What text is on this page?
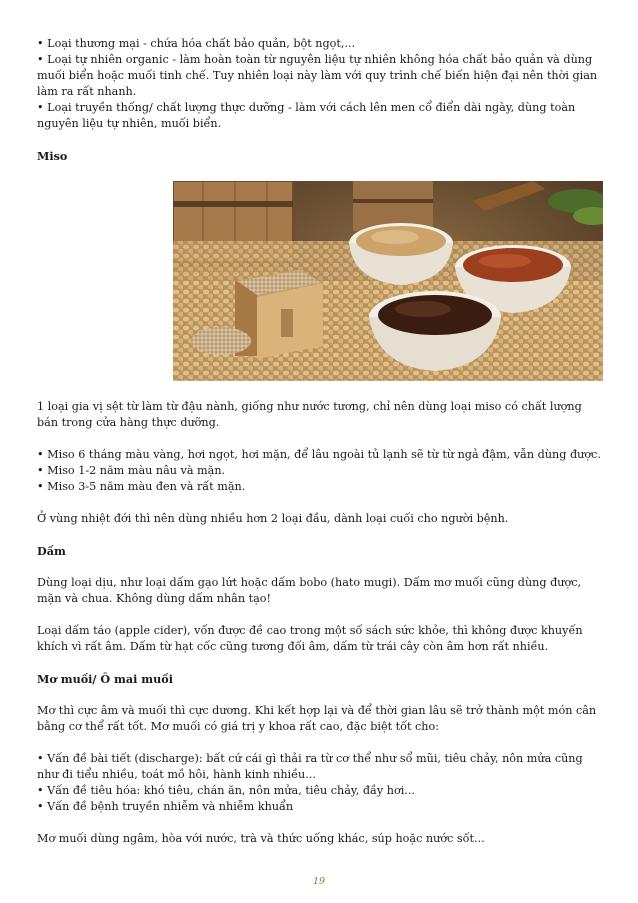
• Loại thương mại - chứa hóa chất bảo quản, bột ngọt,...

• Loại tự nhiên organic - làm hoàn toàn từ nguyên liệu tự nhiên không hóa chất bảo quản và dùng muối biển hoặc muối tinh chế. Tuy nhiên loại này làm với quy trình chế biến hiện đại nên thời gian làm ra rất nhanh.

• Loại truyền thống/ chất lượng thực dưỡng - làm với cách lên men cổ điển dài ngày, dùng toàn nguyên liệu tự nhiên, muối biển.

Miso

1 loại gia vị sệt từ làm từ đậu nành, giống như nước tương, chỉ nên dùng loại miso có chất lượng bán trong cửa hàng thực dưỡng.

• Miso 6 tháng màu vàng, hơi ngọt, hơi mặn, để lâu ngoài tủ lạnh sẽ từ từ ngả đậm, vẫn dùng được.

• Miso 1-2 năm màu nâu và mặn.

• Miso 3-5 năm màu đen và rất mặn.

Ở vùng nhiệt đới thì nên dùng nhiều hơn 2 loại đầu, dành loại cuối cho người bệnh.

Dấm

Dùng loại dịu, như loại dấm gạo lứt hoặc dấm bobo (hato mugi). Dấm mơ muối cũng dùng được, mặn và chua. Không dùng dấm nhân tạo!

Loại dấm táo (apple cider), vốn được đề cao trong một số sách sức khỏe, thì không được khuyến khích vì rất âm. Dấm từ hạt cốc cũng tương đối âm, dấm từ trái cây còn âm hơn rất nhiều.

Mơ muối/ Ô mai muối

Mơ thì cực âm và muối thì cực dương. Khi kết hợp lại và để thời gian lâu sẽ trở thành một món cân bằng cơ thể rất tốt. Mơ muối có giá trị y khoa rất cao, đặc biệt tốt cho:

• Vấn đề bài tiết (discharge): bất cứ cái gì thải ra từ cơ thể như sổ mũi, tiêu chảy, nôn mửa cũng như đi tiểu nhiều, toát mồ hôi, hành kinh nhiều...

• Vấn đề tiêu hóa: khó tiêu, chán ăn, nôn mửa, tiêu chảy, đầy hơi...

• Vấn đề bệnh truyền nhiễm và nhiễm khuẩn

Mơ muối dùng ngâm, hòa với nước, trà và thức uống khác, súp hoặc nước sốt...

19
